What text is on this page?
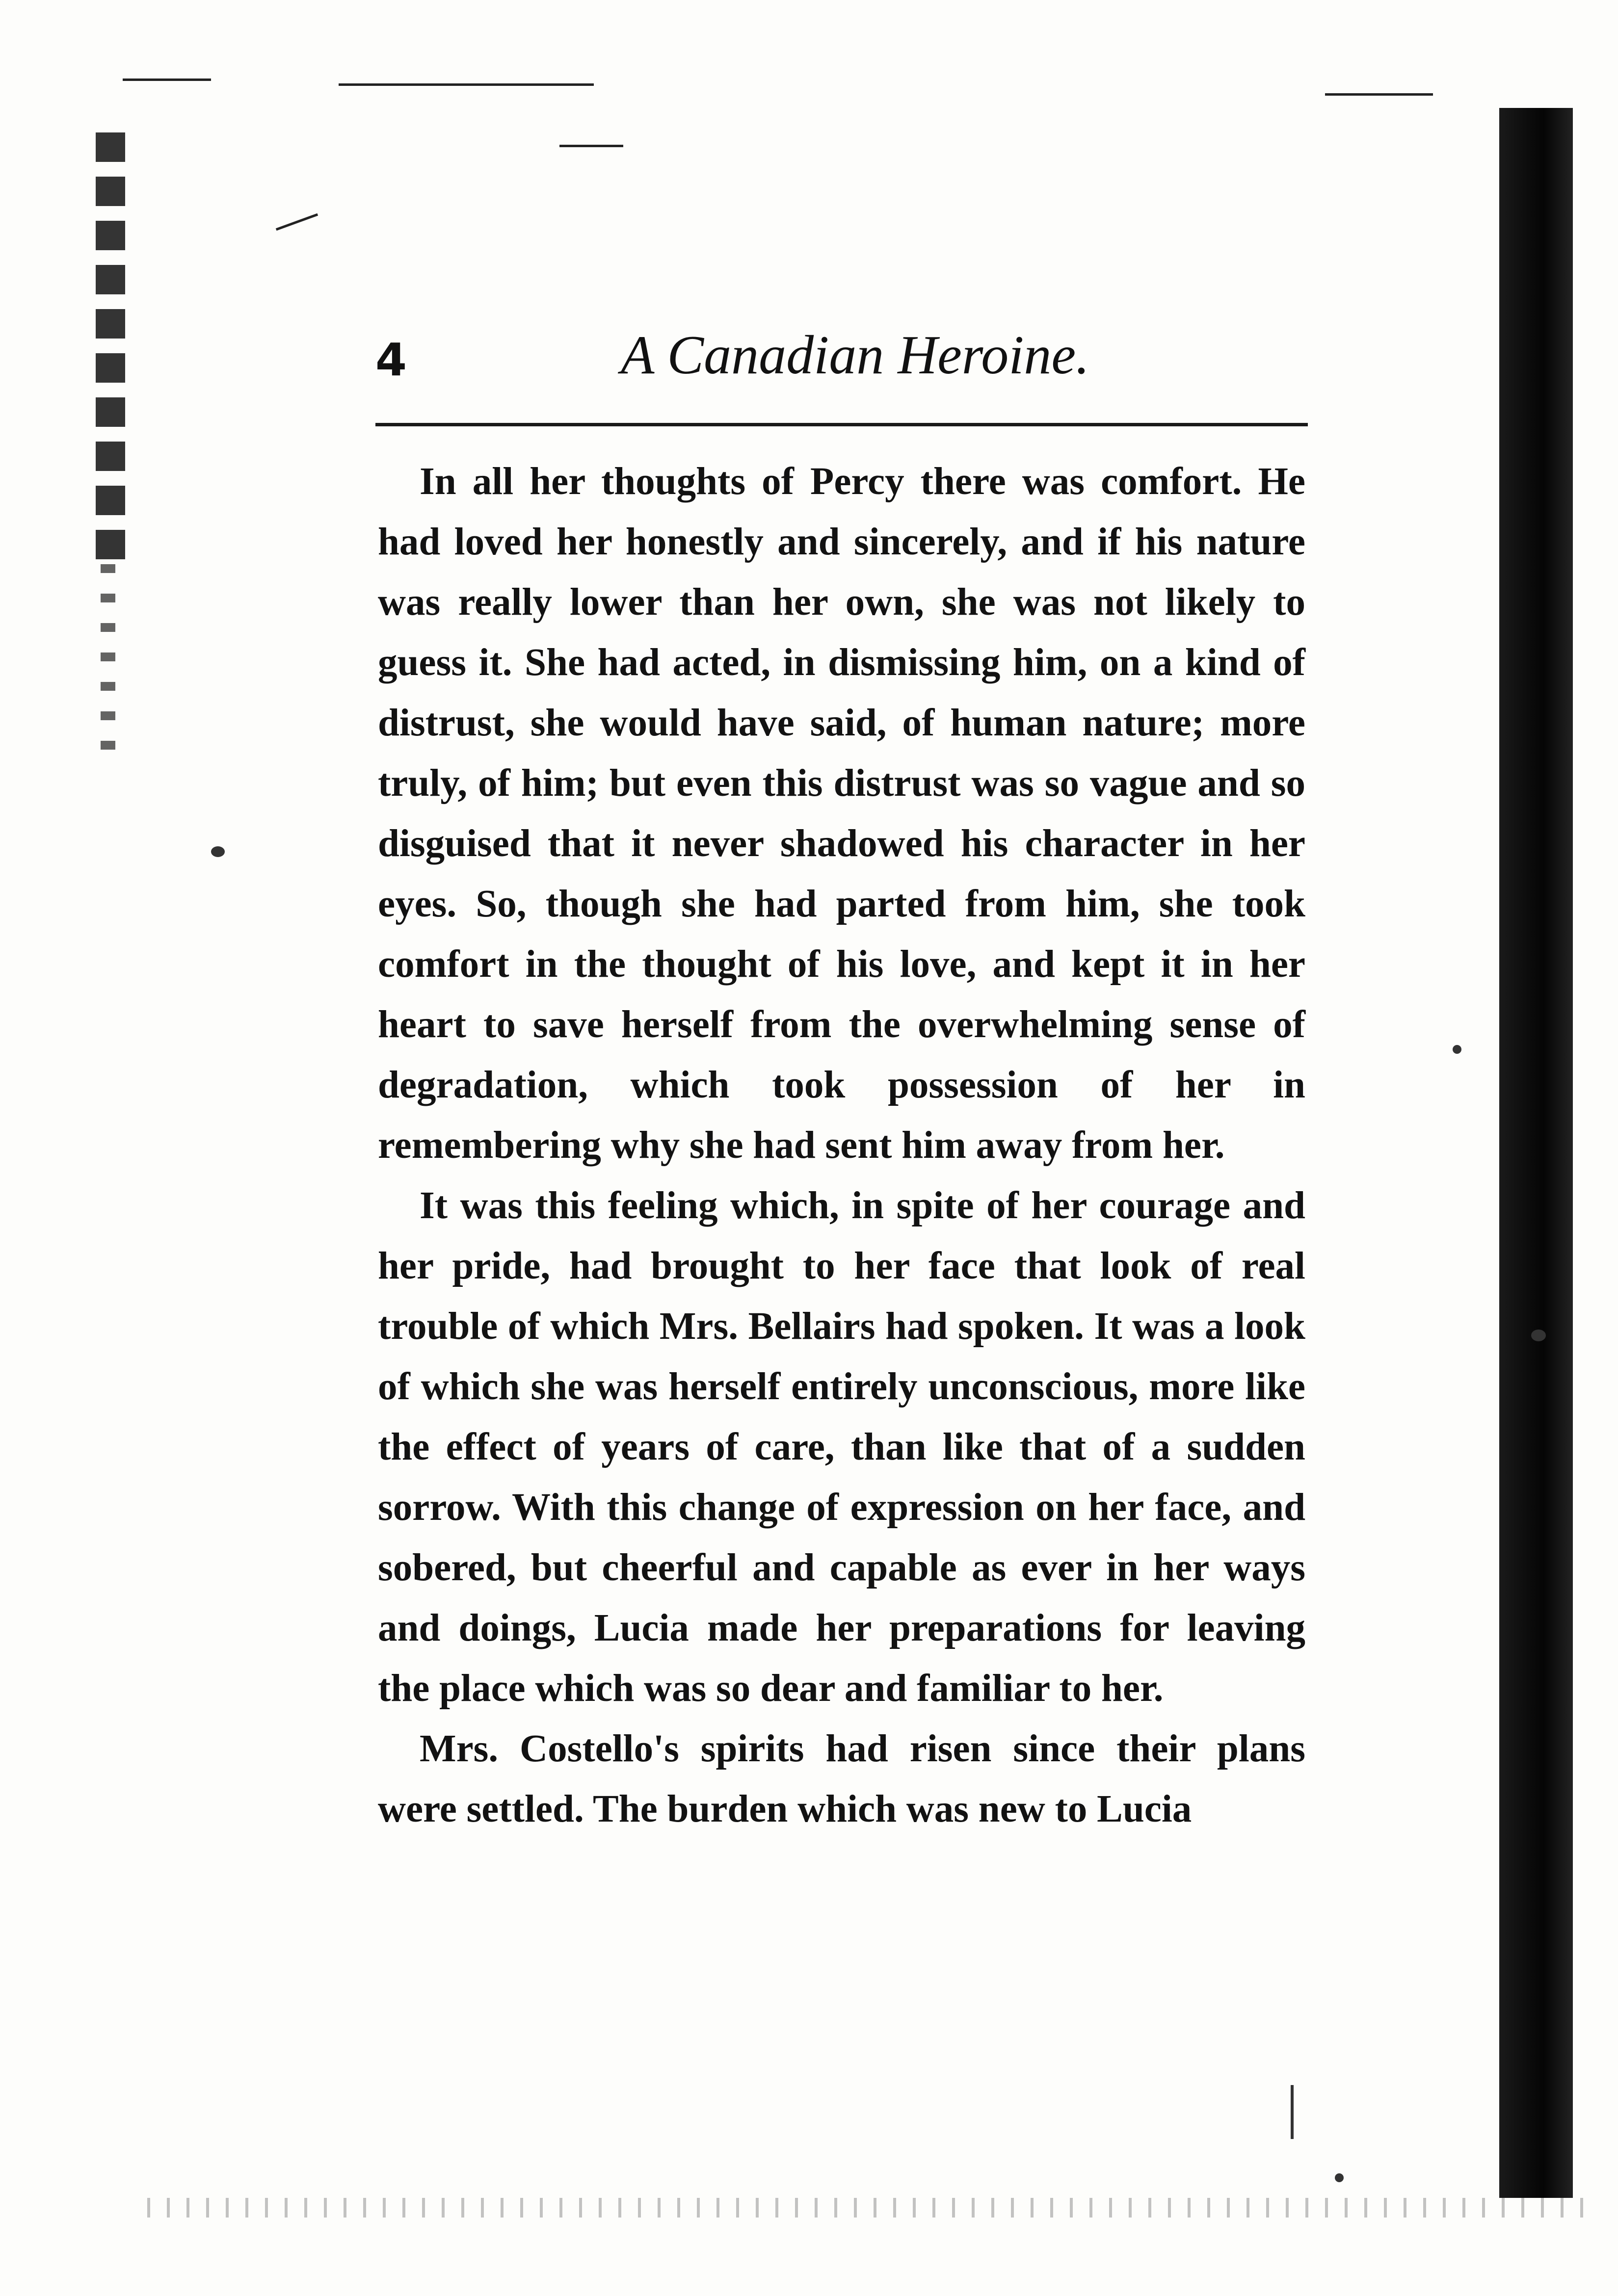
4	A Canadian Heroine.

In all her thoughts of Percy there was comfort. He had loved her honestly and sincerely, and if his nature was really lower than her own, she was not likely to guess it. She had acted, in dismissing him, on a kind of distrust, she would have said, of human nature; more truly, of him; but even this distrust was so vague and so disguised that it never shadowed his character in her eyes. So, though she had parted from him, she took comfort in the thought of his love, and kept it in her heart to save herself from the overwhelming sense of degradation, which took possession of her in remembering why she had sent him away from her.

It was this feeling which, in spite of her courage and her pride, had brought to her face that look of real trouble of which Mrs. Bellairs had spoken. It was a look of which she was herself entirely unconscious, more like the effect of years of care, than like that of a sudden sorrow. With this change of expression on her face, and sobered, but cheerful and capable as ever in her ways and doings, Lucia made her preparations for leaving the place which was so dear and familiar to her.

Mrs. Costello's spirits had risen since their plans were settled. The burden which was new to Lucia
